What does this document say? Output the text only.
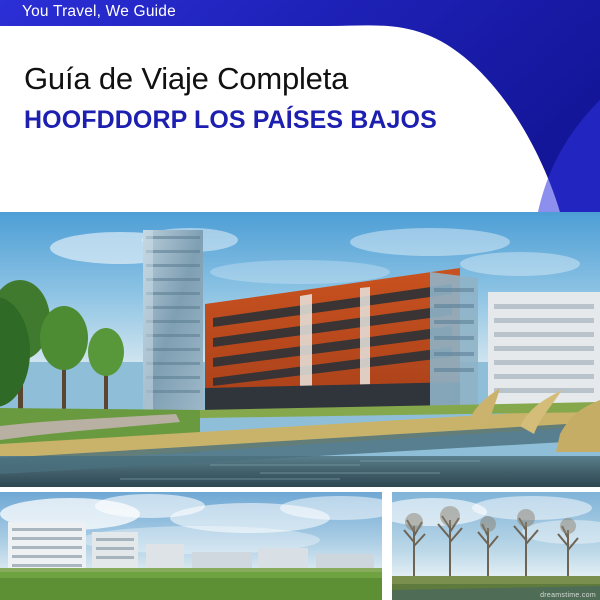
You Travel, We Guide
Guía de Viaje Completa
HOOFDDORP LOS PAÍSES BAJOS
dreamstime.com
